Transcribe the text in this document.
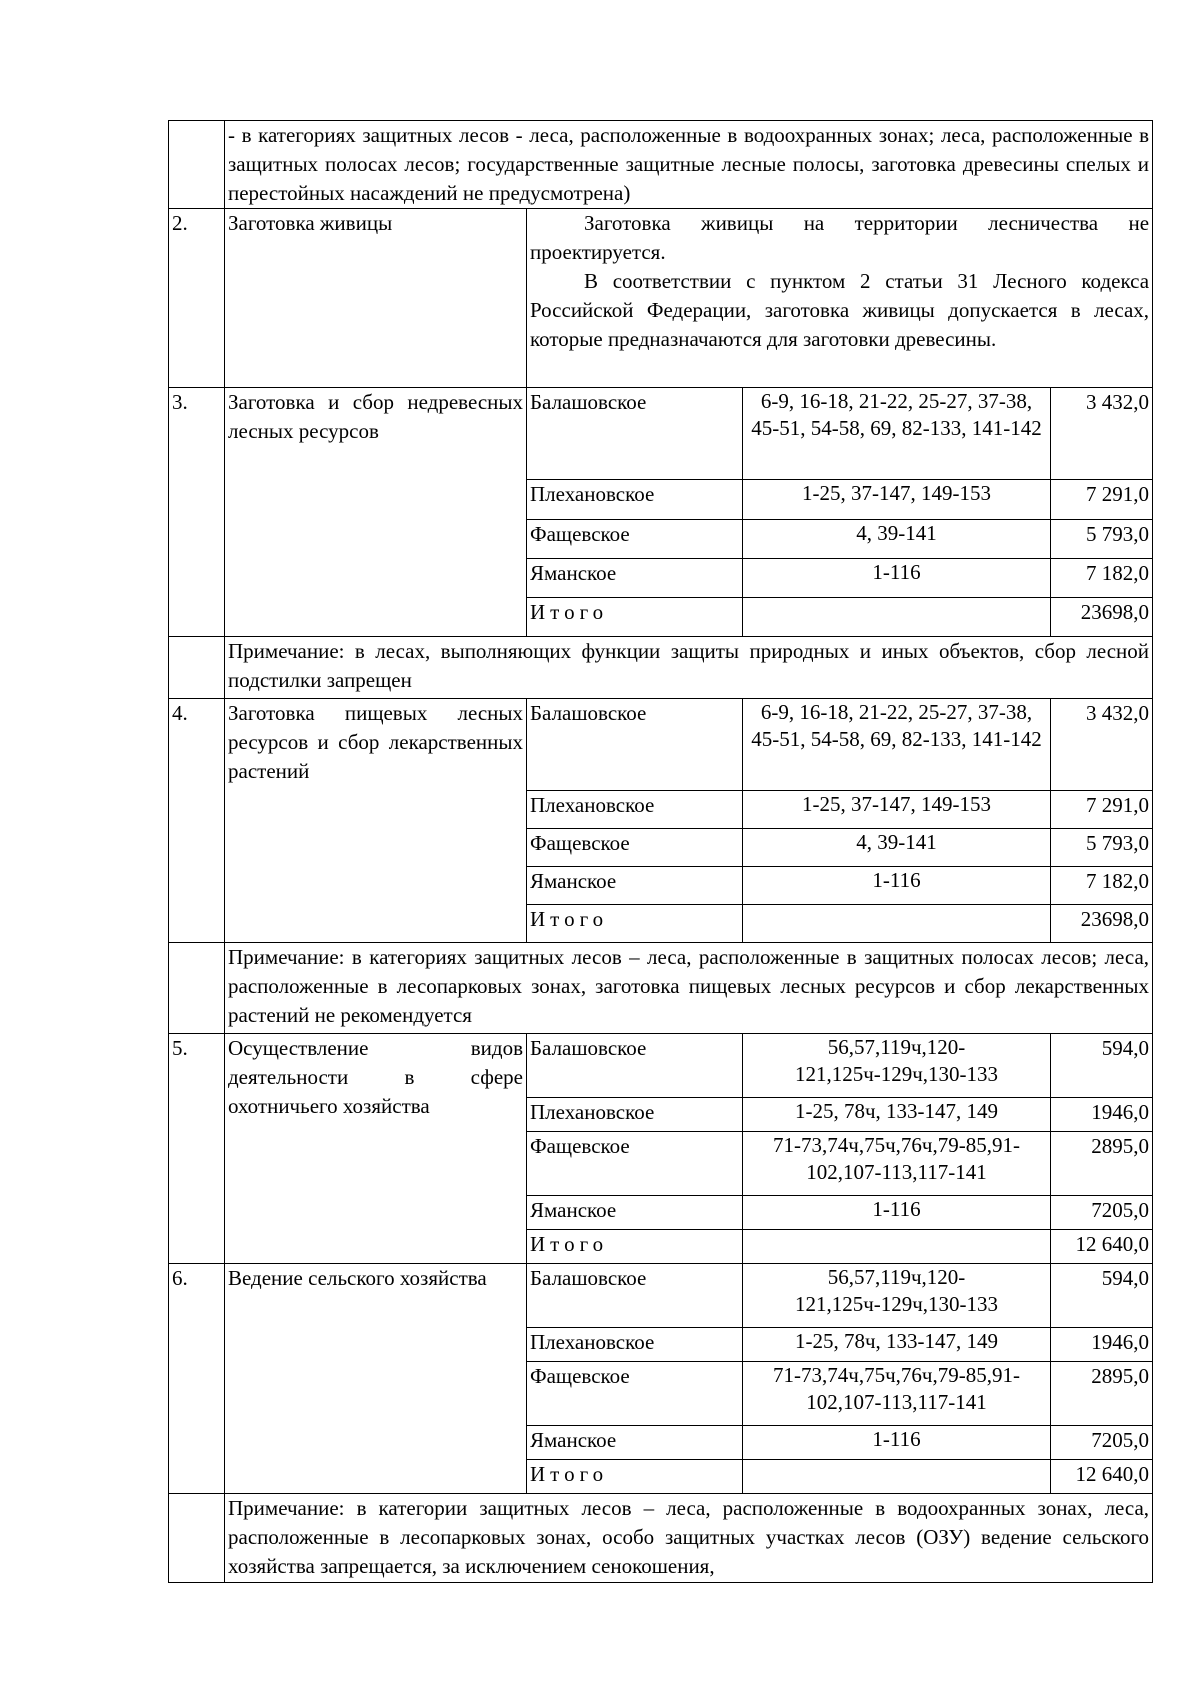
	- в категориях защитных лесов - леса, расположенные в водоохранных зонах; леса, расположенные в защитных полосах лесов; государственные защитные лесные полосы, заготовка древесины спелых и перестойных насаждений не предусмотрена)			
2.	Заготовка живицы	Заготовка живицы на территории лесничества не проектируется.

В соответствии с пунктом 2 статьи 31 Лесного кодекса Российской Федерации, заготовка живицы допускается в лесах, которые предназначаются для заготовки древесины.		

3.	Заготовка и сбор недревесных лесных ресурсов	Балашовское	6-9, 16-18, 21-22, 25-27, 37-38, 45-51, 54-58, 69, 82-133, 141-142	3 432,0
		Плехановское	1-25, 37-147, 149-153	7 291,0
		Фащевское	4, 39-141	5 793,0
		Яманское	1-116	7 182,0
		Итого		23698,0
	Примечание: в лесах, выполняющих функции защиты природных и иных объектов, сбор лесной подстилки запрещен			
4.	Заготовка пищевых лесных ресурсов и сбор лекарственных растений	Балашовское	6-9, 16-18, 21-22, 25-27, 37-38, 45-51, 54-58, 69, 82-133, 141-142	3 432,0
		Плехановское	1-25, 37-147, 149-153	7 291,0
		Фащевское	4, 39-141	5 793,0
		Яманское	1-116	7 182,0
		Итого		23698,0
	Примечание: в категориях защитных лесов – леса, расположенные в защитных полосах лесов; леса, расположенные в лесопарковых зонах, заготовка пищевых лесных ресурсов и сбор лекарственных растений не рекомендуется			
5.	Осуществление видов деятельности в сфере охотничьего хозяйства	Балашовское	56,57,119ч,120-121,125ч-129ч,130-133	594,0
		Плехановское	1-25, 78ч, 133-147, 149	1946,0
		Фащевское	71-73,74ч,75ч,76ч,79-85,91-102,107-113,117-141	2895,0
		Яманское	1-116	7205,0
		Итого		12 640,0
6.	Ведение сельского хозяйства	Балашовское	56,57,119ч,120-121,125ч-129ч,130-133	594,0
		Плехановское	1-25, 78ч, 133-147, 149	1946,0
		Фащевское	71-73,74ч,75ч,76ч,79-85,91-102,107-113,117-141	2895,0
		Яманское	1-116	7205,0
		Итого		12 640,0
	Примечание: в категории защитных лесов – леса, расположенные в водоохранных зонах, леса, расположенные в лесопарковых зонах, особо защитных участках лесов (ОЗУ) ведение сельского хозяйства запрещается, за исключением сенокошения,			
